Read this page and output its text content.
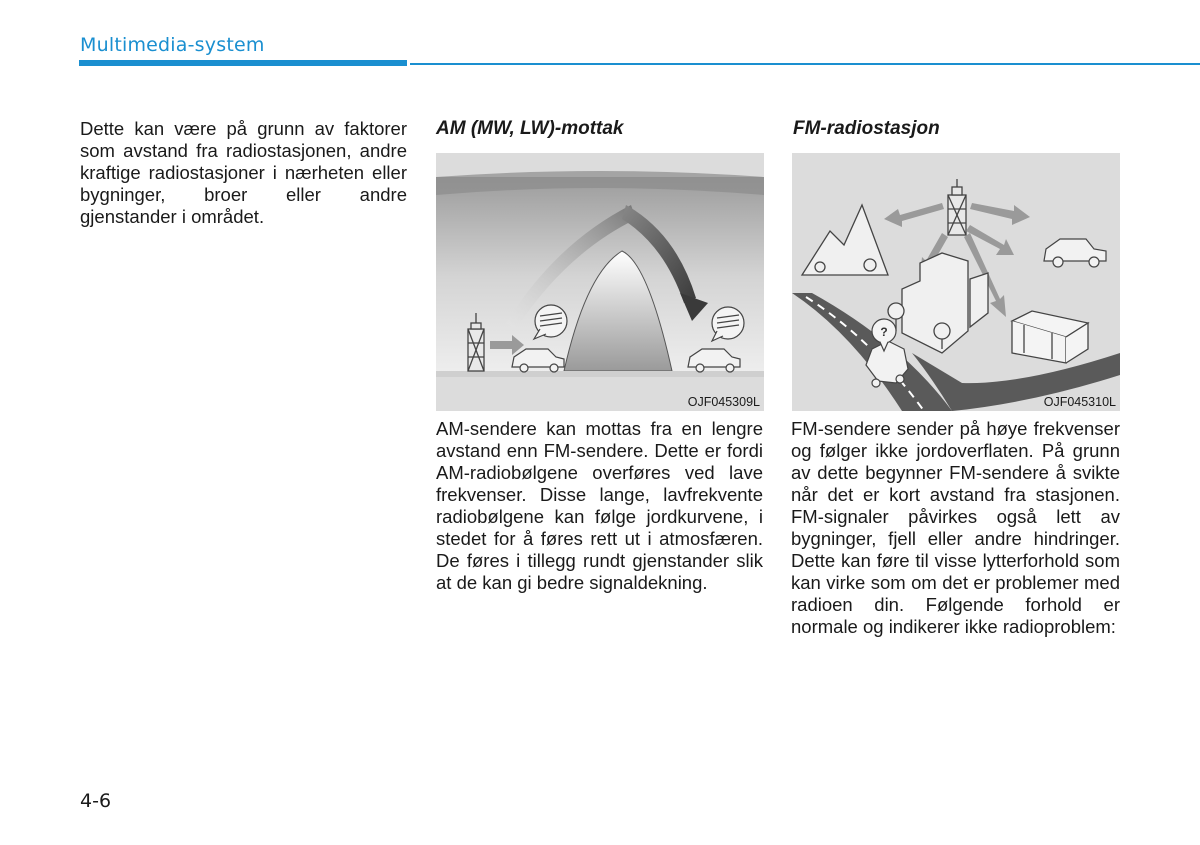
Multimedia-system

Dette kan være på grunn av faktorer som avstand fra radiostasjonen, andre kraftige radiostasjoner i nærheten eller bygninger, broer eller andre gjenstander i området.

AM (MW, LW)-mottak
OJF045309L

AM-sendere kan mottas fra en lengre avstand enn FM-sendere. Dette er fordi AM-radiobølgene overføres ved lave frekvenser. Disse lange, lavfrekvente radiobølgene kan følge jordkurvene, i stedet for å føres rett ut i atmosfæren. De føres i tillegg rundt gjenstander slik at de kan gi bedre signaldekning.

FM-radiostasjon
?
OJF045310L

FM-sendere sender på høye frekvenser og følger ikke jordoverflaten. På grunn av dette begynner FM-sendere å svikte når det er kort avstand fra stasjonen. FM-signaler påvirkes også lett av bygninger, fjell eller andre hindringer. Dette kan føre til visse lytterforhold som kan virke som om det er problemer med radioen din. Følgende forhold er normale og indikerer ikke radioproblem:

4-6
